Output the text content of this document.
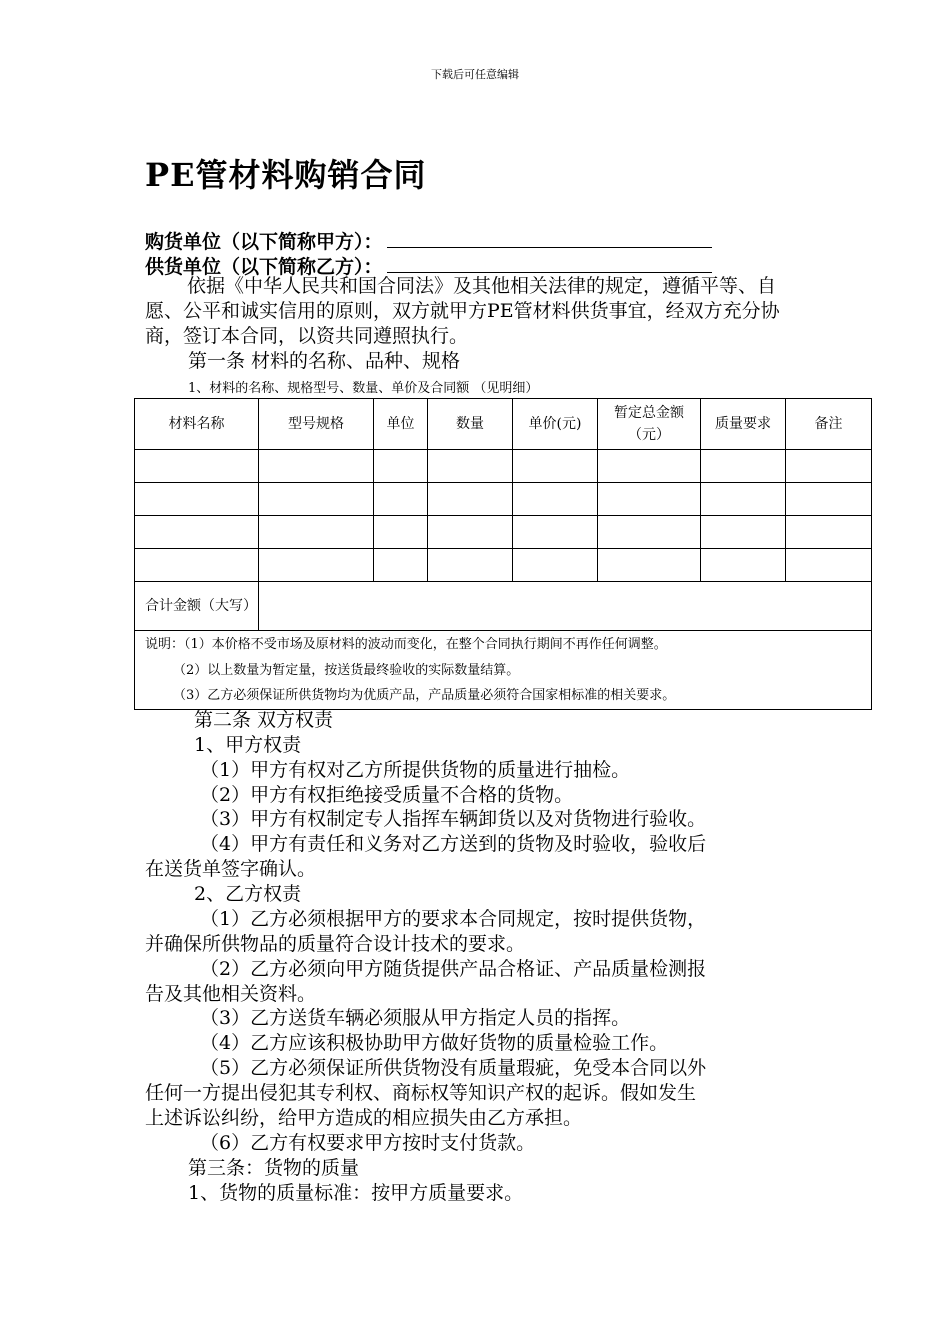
下载后可任意编辑
PE管材料购销合同
购货单位（以下简称甲方）：
供货单位（以下简称乙方）：
依据《中华人民共和国合同法》及其他相关法律的规定，遵循平等、自愿、公平和诚实信用的原则，双方就甲方PE管材料供货事宜，经双方充分协商，签订本合同，以资共同遵照执行。
第一条 材料的名称、品种、规格
1、材料的名称、规格型号、数量、单价及合同额 （见明细）
材料名称	型号规格	单位	数量	单价(元)	暂定总金额（元）	质量要求	备注

合计金额（大写）							

说明：（1）本价格不受市场及原材料的波动而变化，在整个合同执行期间不再作任何调整。
（2）以上数量为暂定量，按送货最终验收的实际数量结算。
（3）乙方必须保证所供货物均为优质产品，产品质量必须符合国家相标准的相关要求。							
第二条 双方权责
1、甲方权责
（1）甲方有权对乙方所提供货物的质量进行抽检。
（2）甲方有权拒绝接受质量不合格的货物。
（3）甲方有权制定专人指挥车辆卸货以及对货物进行验收。
（4）甲方有责任和义务对乙方送到的货物及时验收，验收后
在送货单签字确认。
2、乙方权责
（1）乙方必须根据甲方的要求本合同规定，按时提供货物，
并确保所供物品的质量符合设计技术的要求。
（2）乙方必须向甲方随货提供产品合格证、产品质量检测报
告及其他相关资料。
（3）乙方送货车辆必须服从甲方指定人员的指挥。
（4）乙方应该积极协助甲方做好货物的质量检验工作。
（5）乙方必须保证所供货物没有质量瑕疵，免受本合同以外
任何一方提出侵犯其专利权、商标权等知识产权的起诉。假如发生
上述诉讼纠纷，给甲方造成的相应损失由乙方承担。
（6）乙方有权要求甲方按时支付货款。
第三条：货物的质量
1、货物的质量标准：按甲方质量要求。
